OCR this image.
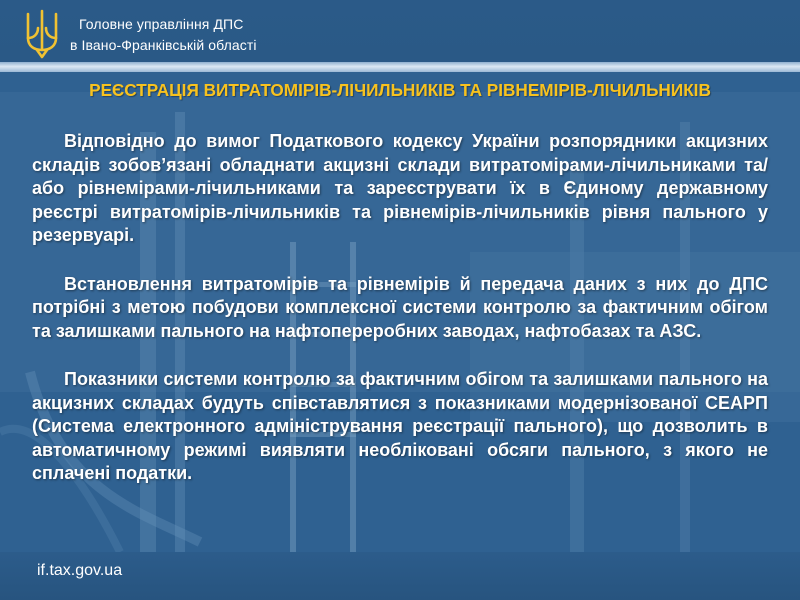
Головне управління ДПС
в Івано-Франківській області
РЕЄСТРАЦІЯ ВИТРАТОМІРІВ-ЛІЧИЛЬНИКІВ ТА РІВНЕМІРІВ-ЛІЧИЛЬНИКІВ

Відповідно до вимог Податкового кодексу України розпорядники акцизних складів зобов’язані обладнати акцизні склади витратомірами-лічильниками та/або рівнемірами-лічильниками та зареєструвати їх в Єдиному державному реєстрі витратомірів-лічильників та рівнемірів-лічильників рівня пального у резервуарі.

Встановлення витратомірів та рівнемірів й передача даних з них до ДПС потрібні з метою побудови комплексної системи контролю за фактичним обігом та залишками пального на нафтопереробних заводах, нафтобазах та АЗС.

Показники системи контролю за фактичним обігом та залишками пального на акцизних складах будуть співставлятися з показниками модернізованої СЕАРП (Система електронного адміністрування реєстрації пального), що дозволить в автоматичному режимі виявляти необліковані обсяги пального, з якого не сплачені податки.

if.tax.gov.ua
